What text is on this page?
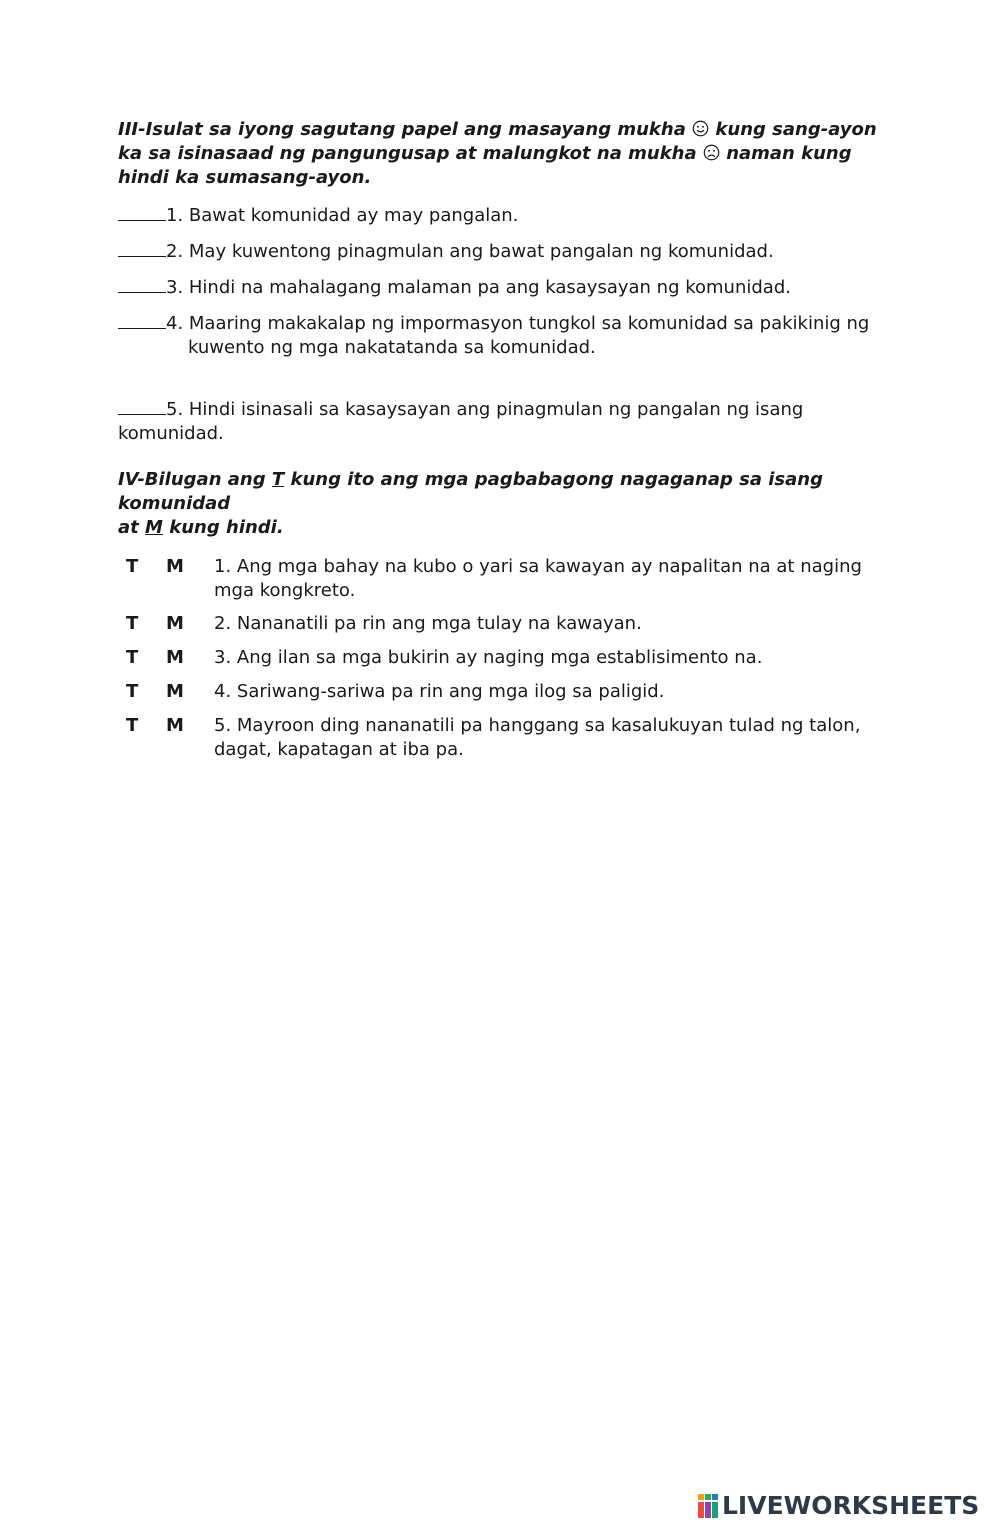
III-Isulat sa iyong sagutang papel ang masayang mukha kung sang-ayon ka sa isinasaad ng pangungusap at malungkot na mukha naman kung hindi ka sumasang-ayon.
1. Bawat komunidad ay may pangalan.
2. May kuwentong pinagmulan ang bawat pangalan ng komunidad.
3. Hindi na mahalagang malaman pa ang kasaysayan ng komunidad.
4. Maaring makakalap ng impormasyon tungkol sa komunidad sa pakikinig ng
kuwento ng mga nakatatanda sa komunidad.
5. Hindi isinasali sa kasaysayan ang pinagmulan ng pangalan ng isang komunidad.
IV-Bilugan ang T kung ito ang mga pagbabagong nagaganap sa isang komunidad
at M kung hindi.
T M 1. Ang mga bahay na kubo o yari sa kawayan ay napalitan na at naging mga kongkreto.
T M 2. Nananatili pa rin ang mga tulay na kawayan.
T M 3. Ang ilan sa mga bukirin ay naging mga establisimento na.
T M 4. Sariwang-sariwa pa rin ang mga ilog sa paligid.
T M 5. Mayroon ding nananatili pa hanggang sa kasalukuyan tulad ng talon, dagat, kapatagan at iba pa.
LIVEWORKSHEETS
